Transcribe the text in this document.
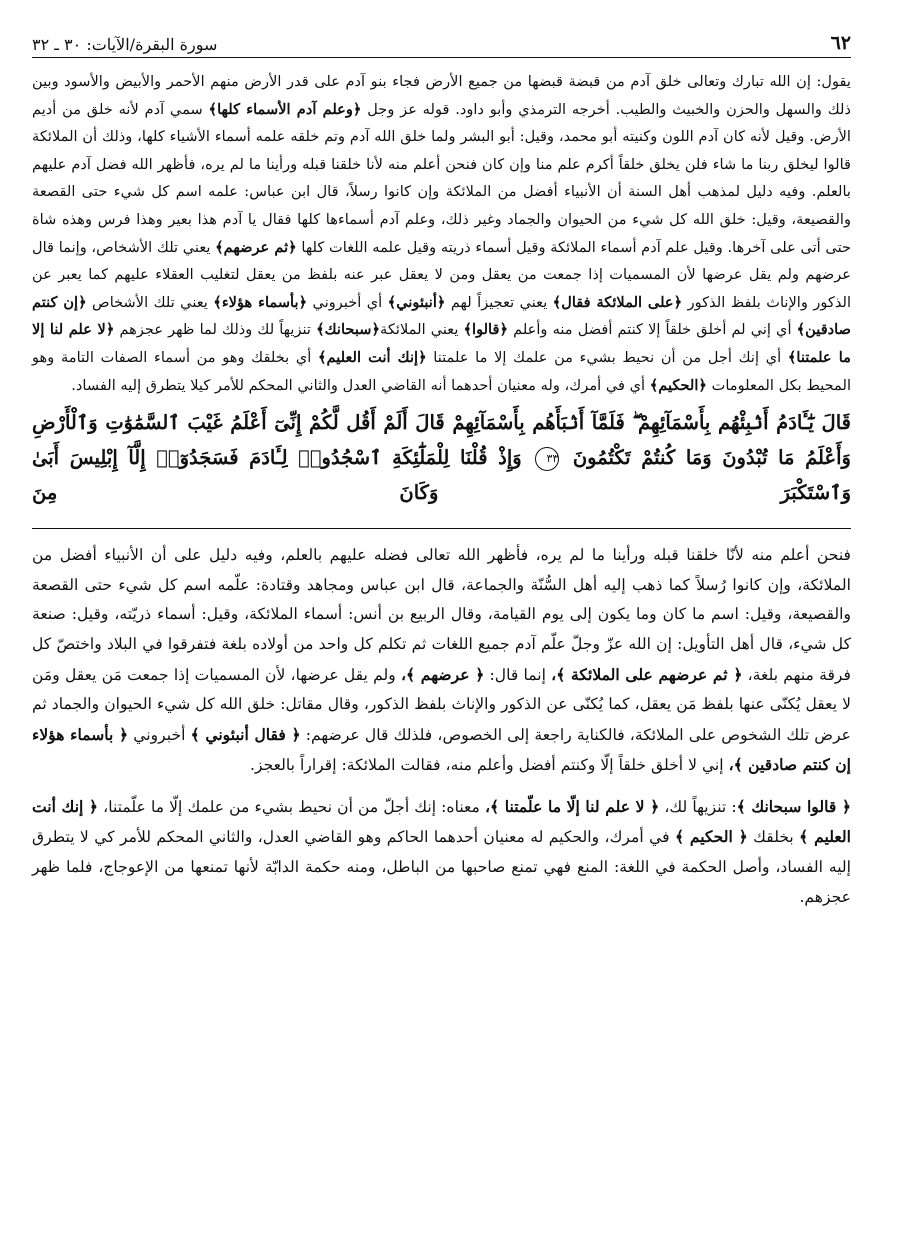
٦٢
سورة البقرة/الآيات: ٣٠ ـ ٣٢

يقول: إن الله تبارك وتعالى خلق آدم من قبضة قبضها من جميع الأرض فجاء بنو آدم على قدر الأرض منهم الأحمر والأبيض والأسود وبين ذلك والسهل والحزن والخبيث والطيب. أخرجه الترمذي وأبو داود. قوله عز وجل ﴿وعلم آدم الأسماء كلها﴾ سمي آدم لأنه خلق من أديم الأرض. وقيل لأنه كان آدم اللون وكنيته أبو محمد، وقيل: أبو البشر ولما خلق الله آدم وتم خلقه علمه أسماء الأشياء كلها، وذلك أن الملائكة قالوا ليخلق ربنا ما شاء فلن يخلق خلقاً أكرم علم منا وإن كان فنحن أعلم منه لأنا خلقنا قبله ورأينا ما لم يره، فأظهر الله فضل آدم عليهم بالعلم. وفيه دليل لمذهب أهل السنة أن الأنبياء أفضل من الملائكة وإن كانوا رسلاً، قال ابن عباس: علمه اسم كل شيء حتى القصعة والقصيعة، وقيل: خلق الله كل شيء من الحيوان والجماد وغير ذلك، وعلم آدم أسماءها كلها فقال يا آدم هذا بعير وهذا فرس وهذه شاة حتى أتى على آخرها. وقيل علم آدم أسماء الملائكة وقيل أسماء ذريته وقيل علمه اللغات كلها ﴿ثم عرضهم﴾ يعني تلك الأشخاص، وإنما قال عرضهم ولم يقل عرضها لأن المسميات إذا جمعت من يعقل ومن لا يعقل عبر عنه بلفظ من يعقل لتغليب العقلاء عليهم كما يعبر عن الذكور والإناث بلفظ الذكور ﴿على الملائكة فقال﴾ يعني تعجيزاً لهم ﴿أنبئوني﴾ أي أخبروني ﴿بأسماء هؤلاء﴾ يعني تلك الأشخاص ﴿إن كنتم صادقين﴾ أي إني لم أخلق خلقاً إلا كنتم أفضل منه وأعلم ﴿قالوا﴾ يعني الملائكة﴿سبحانك﴾ تنزيهاً لك وذلك لما ظهر عجزهم ﴿لا علم لنا إلا ما علمتنا﴾ أي إنك أجل من أن نحيط بشيء من علمك إلا ما علمتنا ﴿إنك أنت العليم﴾ أي بخلقك وهو من أسماء الصفات التامة وهو المحيط بكل المعلومات ﴿الحكيم﴾ أي في أمرك، وله معنيان أحدهما أنه القاضي العدل والثاني المحكم للأمر كيلا يتطرق إليه الفساد.

قَالَ يَٰٓـَٔادَمُ أَنۢبِئْهُم بِأَسْمَآئِهِمْ ۖ فَلَمَّآ أَنۢبَأَهُم بِأَسْمَآئِهِمْ قَالَ أَلَمْ أَقُل لَّكُمْ إِنِّىٓ أَعْلَمُ غَيْبَ ٱلسَّمَٰوَٰتِ وَٱلْأَرْضِ وَأَعْلَمُ مَا تُبْدُونَ وَمَا كُنتُمْ تَكْتُمُونَ ٣٣ وَإِذْ قُلْنَا لِلْمَلَٰٓئِكَةِ ٱسْجُدُوا۟ لِـَٔادَمَ فَسَجَدُوٓا۟ إِلَّآ إِبْلِيسَ أَبَىٰ وَٱسْتَكْبَرَ وَكَانَ مِنَ

فنحن أعلم منه لأنّا خلقنا قبله ورأينا ما لم يره، فأظهر الله تعالى فضله عليهم بالعلم، وفيه دليل على أن الأنبياء أفضل من الملائكة، وإن كانوا رُسلاً كما ذهب إليه أهل السُّنّة والجماعة، قال ابن عباس ومجاهد وقتادة: علّمه اسم كل شيء حتى القصعة والقصيعة، وقيل: اسم ما كان وما يكون إلى يوم القيامة، وقال الربيع بن أنس: أسماء الملائكة، وقيل: أسماء ذريّته، وقيل: صنعة كل شيء، قال أهل التأويل: إن الله عزّ وجلّ علّم آدم جميع اللغات ثم تكلم كل واحد من أولاده بلغة فتفرقوا في البلاد واختصّ كل فرقة منهم بلغة، ﴿ ثم عرضهم على الملائكة ﴾، إنما قال: ﴿ عرضهم ﴾، ولم يقل عرضها، لأن المسميات إذا جمعت مَن يعقل ومَن لا يعقل يُكنّى عنها بلفظ مَن يعقل، كما يُكنّى عن الذكور والإناث بلفظ الذكور، وقال مقاتل: خلق الله كل شيء الحيوان والجماد ثم عرض تلك الشخوص على الملائكة، فالكناية راجعة إلى الخصوص، فلذلك قال عرضهم: ﴿ فقال أنبئوني ﴾ أخبروني ﴿ بأسماء هؤلاء إن كنتم صادقين ﴾، إني لا أخلق خلقاً إلّا وكنتم أفضل وأعلم منه، فقالت الملائكة: إقراراً بالعجز.

﴿ قالوا سبحانك ﴾: تنزيهاً لك، ﴿ لا علم لنا إلّا ما علّمتنا ﴾، معناه: إنك أجلّ من أن نحيط بشيء من علمك إلّا ما علّمتنا، ﴿ إنك أنت العليم ﴾ بخلقك ﴿ الحكيم ﴾ في أمرك، والحكيم له معنيان أحدهما الحاكم وهو القاضي العدل، والثاني المحكم للأمر كي لا يتطرق إليه الفساد، وأصل الحكمة في اللغة: المنع فهي تمنع صاحبها من الباطل، ومنه حكمة الدابّة لأنها تمنعها من الإعوجاج، فلما ظهر عجزهم.
